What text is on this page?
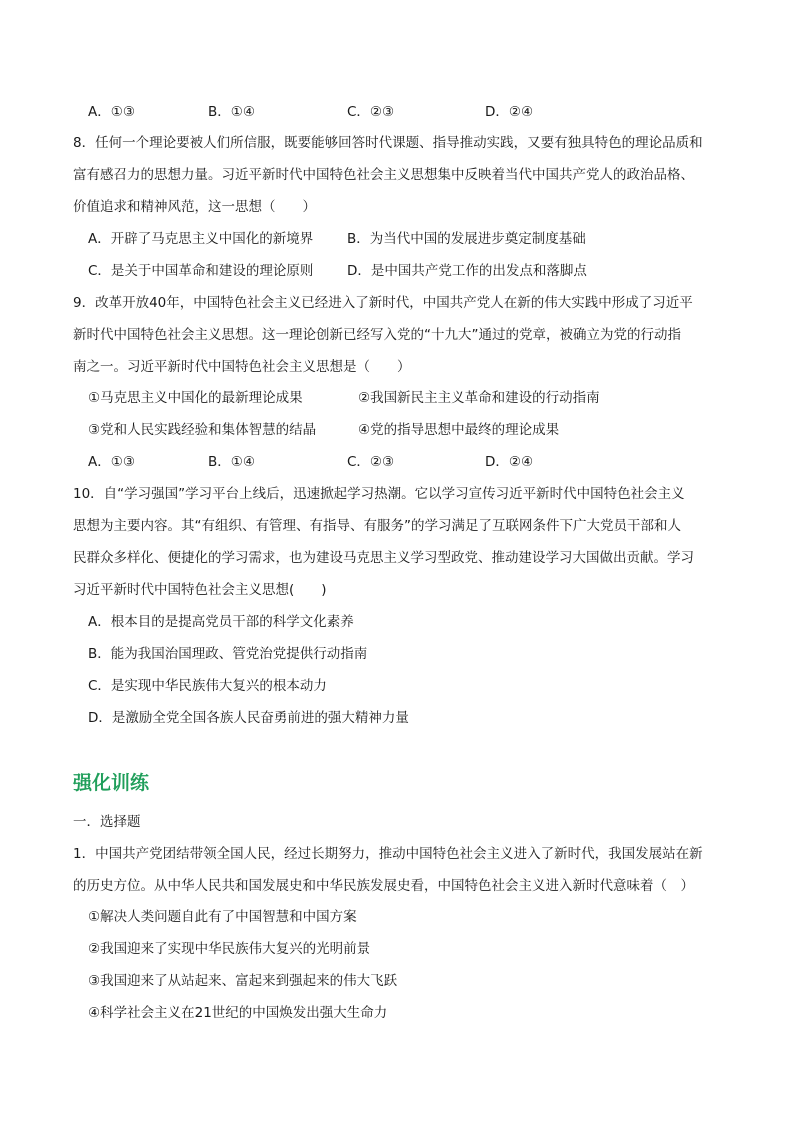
A．①③	B．①④	C．②③	D．②④
8．任何一个理论要被人们所信服，既要能够回答时代课题、指导推动实践，又要有独具特色的理论品质和
富有感召力的思想力量。习近平新时代中国特色社会主义思想集中反映着当代中国共产党人的政治品格、
价值追求和精神风范，这一思想（　　）
A．开辟了马克思主义中国化的新境界	B．为当代中国的发展进步奠定制度基础
C．是关于中国革命和建设的理论原则 D．是中国共产党工作的出发点和落脚点
9．改革开放40年，中国特色社会主义已经进入了新时代，中国共产党人在新的伟大实践中形成了习近平
新时代中国特色社会主义思想。这一理论创新已经写入党的“十九大”通过的党章，被确立为党的行动指
南之一。习近平新时代中国特色社会主义思想是（　　）
①马克思主义中国化的最新理论成果	②我国新民主主义革命和建设的行动指南
③党和人民实践经验和集体智慧的结晶	④党的指导思想中最终的理论成果
A．①③	B．①④	C．②③	D．②④
10．自“学习强国”学习平台上线后，迅速掀起学习热潮。它以学习宣传习近平新时代中国特色社会主义
思想为主要内容。其“有组织、有管理、有指导、有服务”的学习满足了互联网条件下广大党员干部和人
民群众多样化、便捷化的学习需求，也为建设马克思主义学习型政党、推动建设学习大国做出贡献。学习
习近平新时代中国特色社会主义思想(　　)
A．根本目的是提高党员干部的科学文化素养
B．能为我国治国理政、管党治党提供行动指南
C．是实现中华民族伟大复兴的根本动力
D．是激励全党全国各族人民奋勇前进的强大精神力量
强化训练
一．选择题
1．中国共产党团结带领全国人民，经过长期努力，推动中国特色社会主义进入了新时代，我国发展站在新
的历史方位。从中华人民共和国发展史和中华民族发展史看，中国特色社会主义进入新时代意味着（　）
①解决人类问题自此有了中国智慧和中国方案
②我国迎来了实现中华民族伟大复兴的光明前景
③我国迎来了从站起来、富起来到强起来的伟大飞跃
④科学社会主义在21世纪的中国焕发出强大生命力
